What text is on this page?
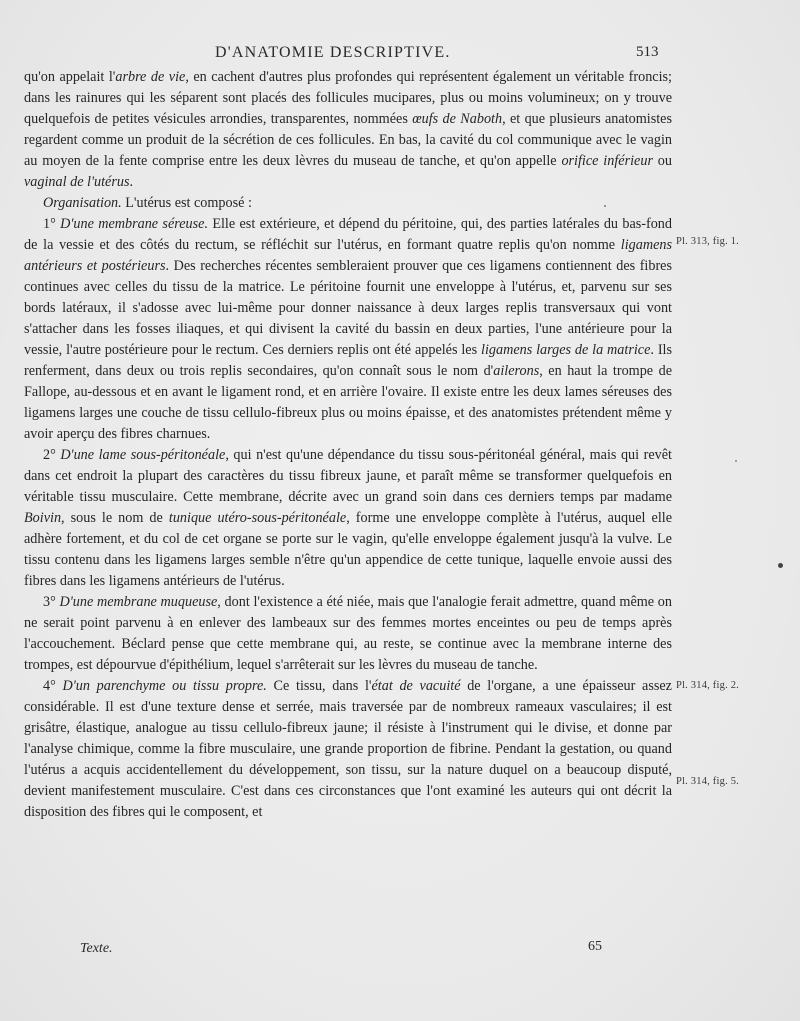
D'ANATOMIE DESCRIPTIVE.	513

qu'on appelait l'arbre de vie, en cachent d'autres plus profondes qui représentent également un véritable froncis; dans les rainures qui les séparent sont placés des follicules mucipares, plus ou moins volumineux; on y trouve quelquefois de petites vésicules arrondies, transparentes, nommées œufs de Naboth, et que plusieurs anatomistes regardent comme un produit de la sécrétion de ces follicules. En bas, la cavité du col communique avec le vagin au moyen de la fente comprise entre les deux lèvres du museau de tanche, et qu'on appelle orifice inférieur ou vaginal de l'utérus.

Organisation. L'utérus est composé :

1° D'une membrane séreuse. Elle est extérieure, et dépend du péritoine, qui, des parties latérales du bas-fond de la vessie et des côtés du rectum, se réfléchit sur l'utérus, en formant quatre replis qu'on nomme ligamens antérieurs et postérieurs. Des recherches récentes sembleraient prouver que ces ligamens contiennent des fibres continues avec celles du tissu de la matrice. Le péritoine fournit une enveloppe à l'utérus, et, parvenu sur ses bords latéraux, il s'adosse avec lui-même pour donner naissance à deux larges replis transversaux qui vont s'attacher dans les fosses iliaques, et qui divisent la cavité du bassin en deux parties, l'une antérieure pour la vessie, l'autre postérieure pour le rectum. Ces derniers replis ont été appelés les ligamens larges de la matrice. Ils renferment, dans deux ou trois replis secondaires, qu'on connaît sous le nom d'ailerons, en haut la trompe de Fallope, au-dessous et en avant le ligament rond, et en arrière l'ovaire. Il existe entre les deux lames séreuses des ligamens larges une couche de tissu cellulo-fibreux plus ou moins épaisse, et des anatomistes prétendent même y avoir aperçu des fibres charnues.

2° D'une lame sous-péritonéale, qui n'est qu'une dépendance du tissu sous-péritonéal général, mais qui revêt dans cet endroit la plupart des caractères du tissu fibreux jaune, et paraît même se transformer quelquefois en véritable tissu musculaire. Cette membrane, décrite avec un grand soin dans ces derniers temps par madame Boivin, sous le nom de tunique utéro-sous-péritonéale, forme une enveloppe complète à l'utérus, auquel elle adhère fortement, et du col de cet organe se porte sur le vagin, qu'elle enveloppe également jusqu'à la vulve. Le tissu contenu dans les ligamens larges semble n'être qu'un appendice de cette tunique, laquelle envoie aussi des fibres dans les ligamens antérieurs de l'utérus.

3° D'une membrane muqueuse, dont l'existence a été niée, mais que l'analogie ferait admettre, quand même on ne serait point parvenu à en enlever des lambeaux sur des femmes mortes enceintes ou peu de temps après l'accouchement. Béclard pense que cette membrane qui, au reste, se continue avec la membrane interne des trompes, est dépourvue d'épithélium, lequel s'arrêterait sur les lèvres du museau de tanche.

4° D'un parenchyme ou tissu propre. Ce tissu, dans l'état de vacuité de l'organe, a une épaisseur assez considérable. Il est d'une texture dense et serrée, mais traversée par de nombreux rameaux vasculaires; il est grisâtre, élastique, analogue au tissu cellulo-fibreux jaune; il résiste à l'instrument qui le divise, et donne par l'analyse chimique, comme la fibre musculaire, une grande proportion de fibrine. Pendant la gestation, ou quand l'utérus a acquis accidentellement du développement, son tissu, sur la nature duquel on a beaucoup disputé, devient manifestement musculaire. C'est dans ces circonstances que l'ont examiné les auteurs qui ont décrit la disposition des fibres qui le composent, et

Pl. 313, fig. 1.
Pl. 314, fig. 2.
Pl. 314, fig. 5.
Texte.	65
